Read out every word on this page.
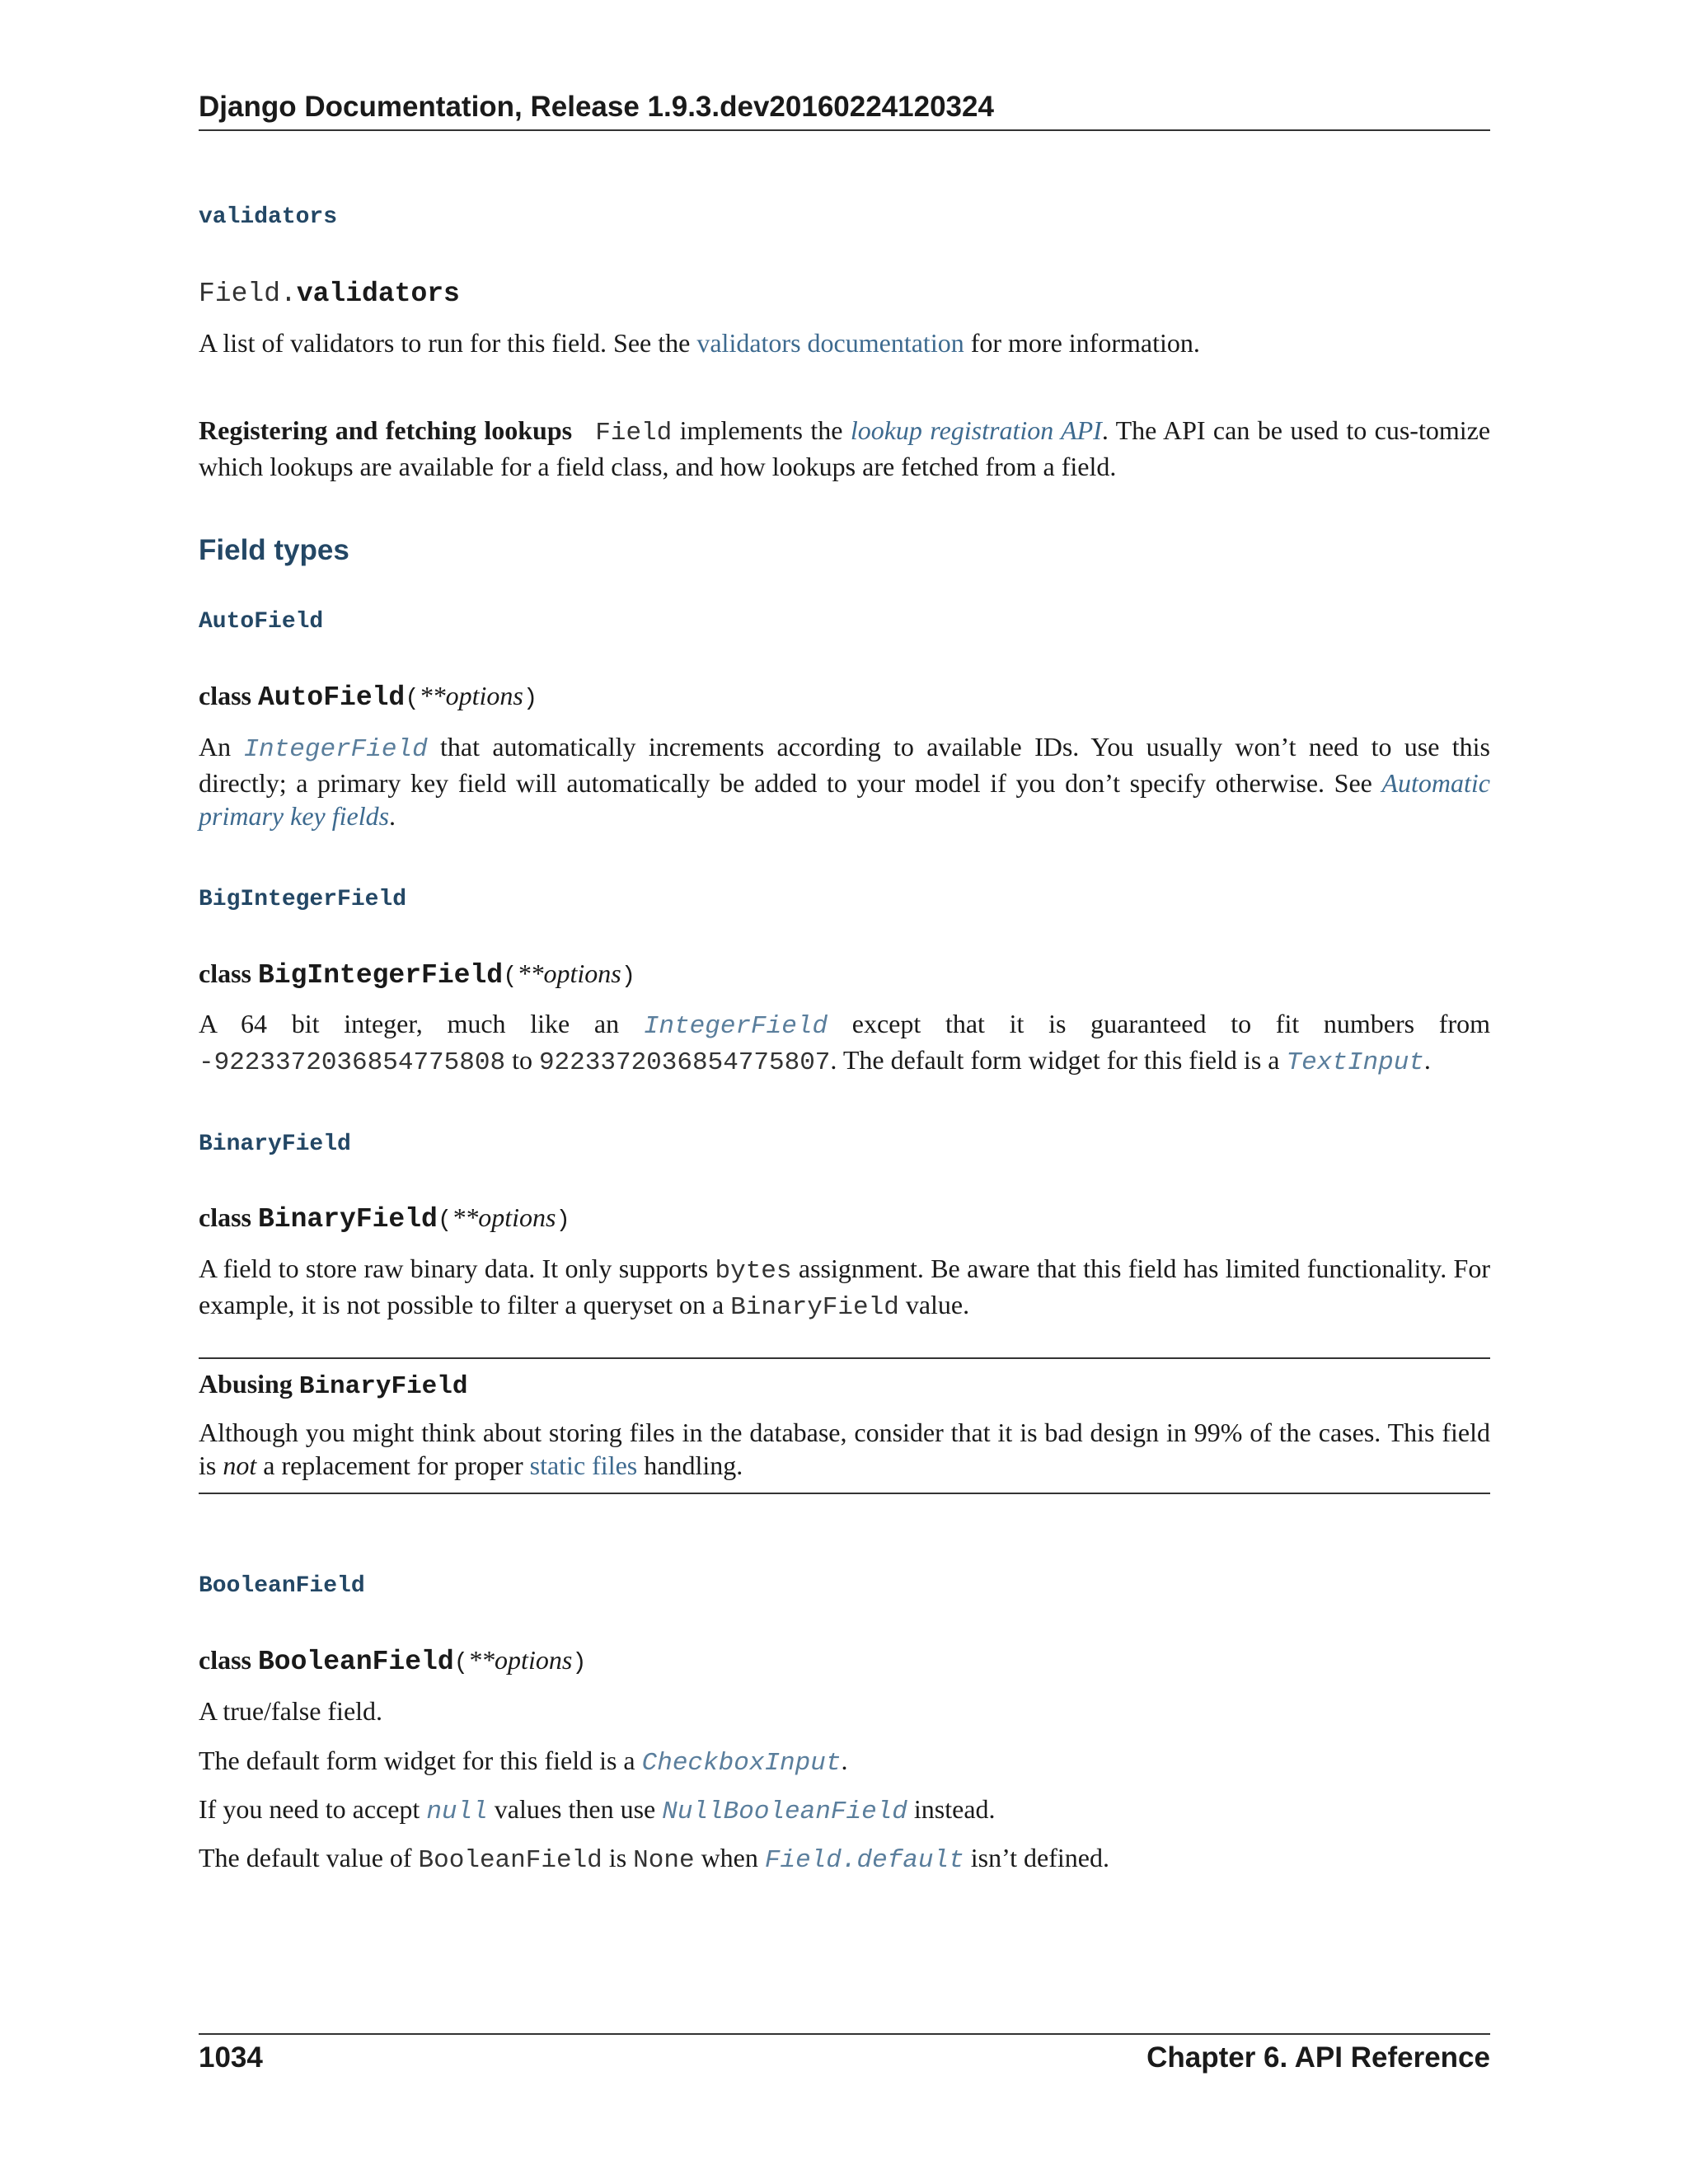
Django Documentation, Release 1.9.3.dev20160224120324
validators
Field.validators
A list of validators to run for this field. See the validators documentation for more information.
Registering and fetching lookups Field implements the lookup registration API. The API can be used to cus-tomize which lookups are available for a field class, and how lookups are fetched from a field.
Field types
AutoField
class AutoField(**options)
An IntegerField that automatically increments according to available IDs. You usually won’t need to use this directly; a primary key field will automatically be added to your model if you don’t specify otherwise. See Automatic primary key fields.
BigIntegerField
class BigIntegerField(**options)
A 64 bit integer, much like an IntegerField except that it is guaranteed to fit numbers from -9223372036854775808 to 9223372036854775807. The default form widget for this field is a TextInput.
BinaryField
class BinaryField(**options)
A field to store raw binary data. It only supports bytes assignment. Be aware that this field has limited functionality. For example, it is not possible to filter a queryset on a BinaryField value.
Abusing BinaryField
Although you might think about storing files in the database, consider that it is bad design in 99% of the cases. This field is not a replacement for proper static files handling.
BooleanField
class BooleanField(**options)
A true/false field.
The default form widget for this field is a CheckboxInput.
If you need to accept null values then use NullBooleanField instead.
The default value of BooleanField is None when Field.default isn’t defined.
1034	Chapter 6. API Reference
